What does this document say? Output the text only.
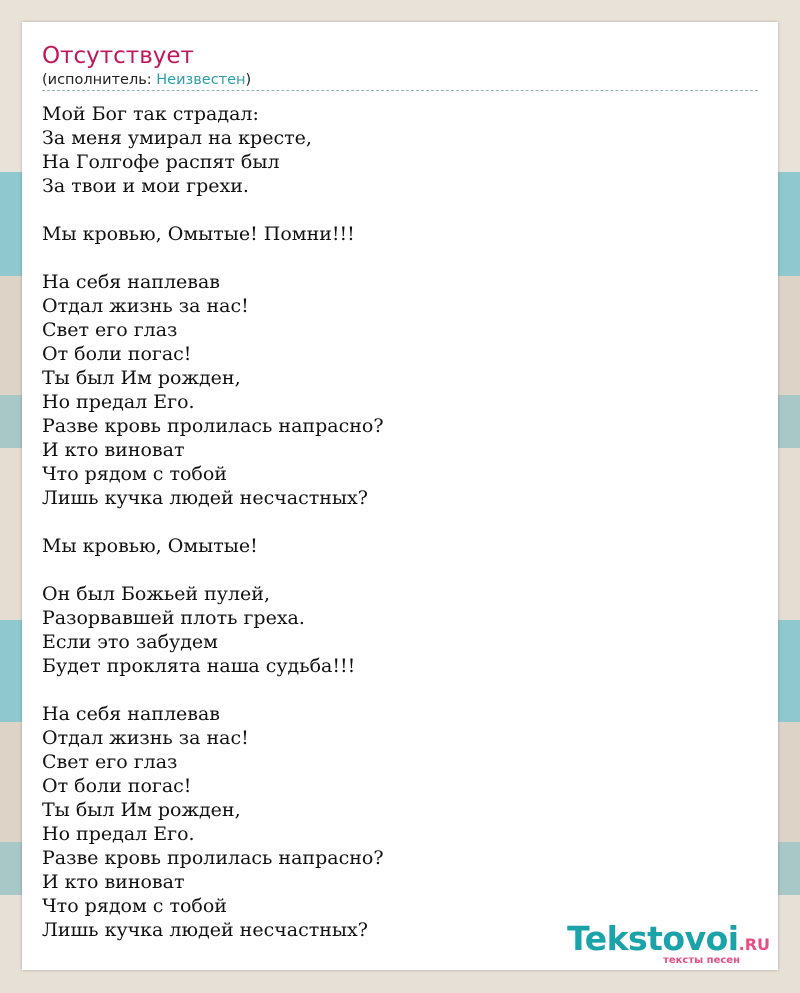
Отсутствует
(исполнитель: Неизвестен)
Мой Бог так страдал:
За меня умирал на кресте,
На Голгофе распят был
За твои и мои грехи.
Мы кровью, Омытые! Помни!!!
На себя наплевав
Отдал жизнь за нас!
Свет его глаз
От боли погас!
Ты был Им рожден,
Но предал Его.
Разве кровь пролилась напрасно?
И кто виноват
Что рядом с тобой
Лишь кучка людей несчастных?
Мы кровью, Омытые!
Он был Божьей пулей,
Разорвавшей плоть греха.
Если это забудем
Будет проклята наша судьба!!!
На себя наплевав
Отдал жизнь за нас!
Свет его глаз
От боли погас!
Ты был Им рожден,
Но предал Его.
Разве кровь пролилась напрасно?
И кто виноват
Что рядом с тобой
Лишь кучка людей несчастных?	Tekstovoi.RU
тексты песен
